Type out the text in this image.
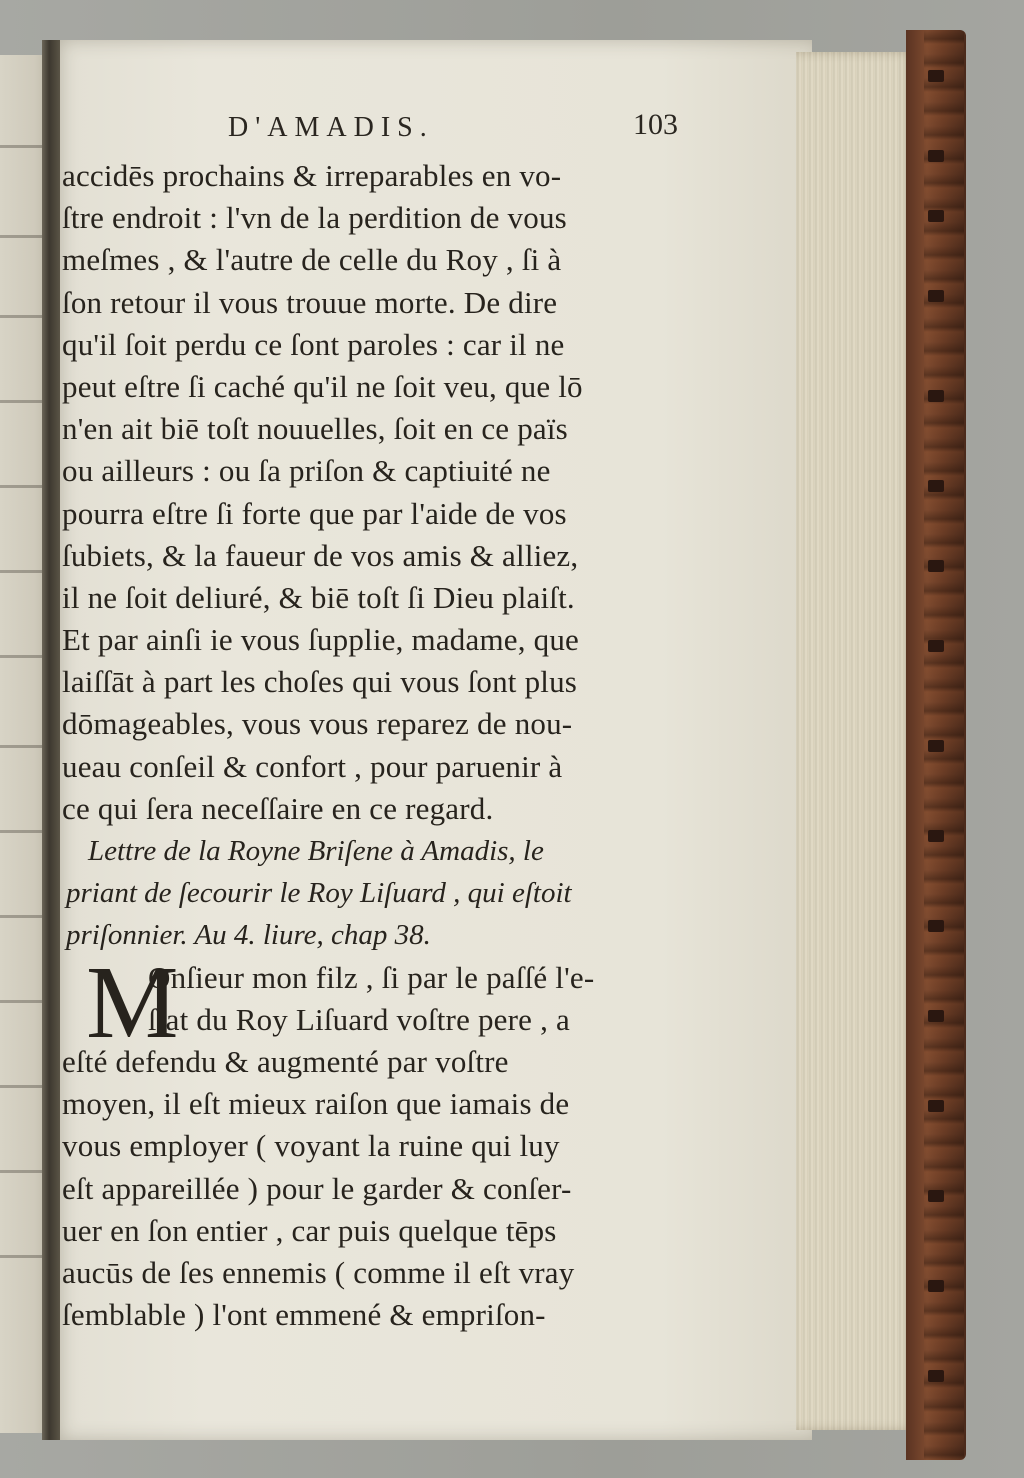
D'AMADIS.	103
accidēs prochains & irreparables en vo-
ſtre endroit : l'vn de la perdition de vous
meſmes , & l'autre de celle du Roy , ſi à
ſon retour il vous trouue morte. De dire
qu'il ſoit perdu ce ſont paroles : car il ne
peut eſtre ſi caché qu'il ne ſoit veu, que lō
n'en ait biē toſt nouuelles, ſoit en ce païs
ou ailleurs : ou ſa priſon & captiuité ne
pourra eſtre ſi forte que par l'aide de vos
ſubiets, & la faueur de vos amis & alliez,
il ne ſoit deliuré, & biē toſt ſi Dieu plaiſt.
Et par ainſi ie vous ſupplie, madame, que
laiſſāt à part les choſes qui vous ſont plus
dōmageables, vous vous reparez de nou-
ueau conſeil & confort , pour paruenir à
ce qui ſera neceſſaire en ce regard.
Lettre de la Royne Briſene à Amadis, le
priant de ſecourir le Roy Liſuard , qui eſtoit
priſonnier. Au 4. liure, chap 38.
M
Onſieur mon filz , ſi par le paſſé l'e-
ſtat du Roy Liſuard voſtre pere , a
eſté defendu & augmenté par voſtre
moyen, il eſt mieux raiſon que iamais de
vous employer ( voyant la ruine qui luy
eſt appareillée ) pour le garder & conſer-
uer en ſon entier , car puis quelque tēps
aucūs de ſes ennemis ( comme il eſt vray
ſemblable ) l'ont emmené & empriſon-
